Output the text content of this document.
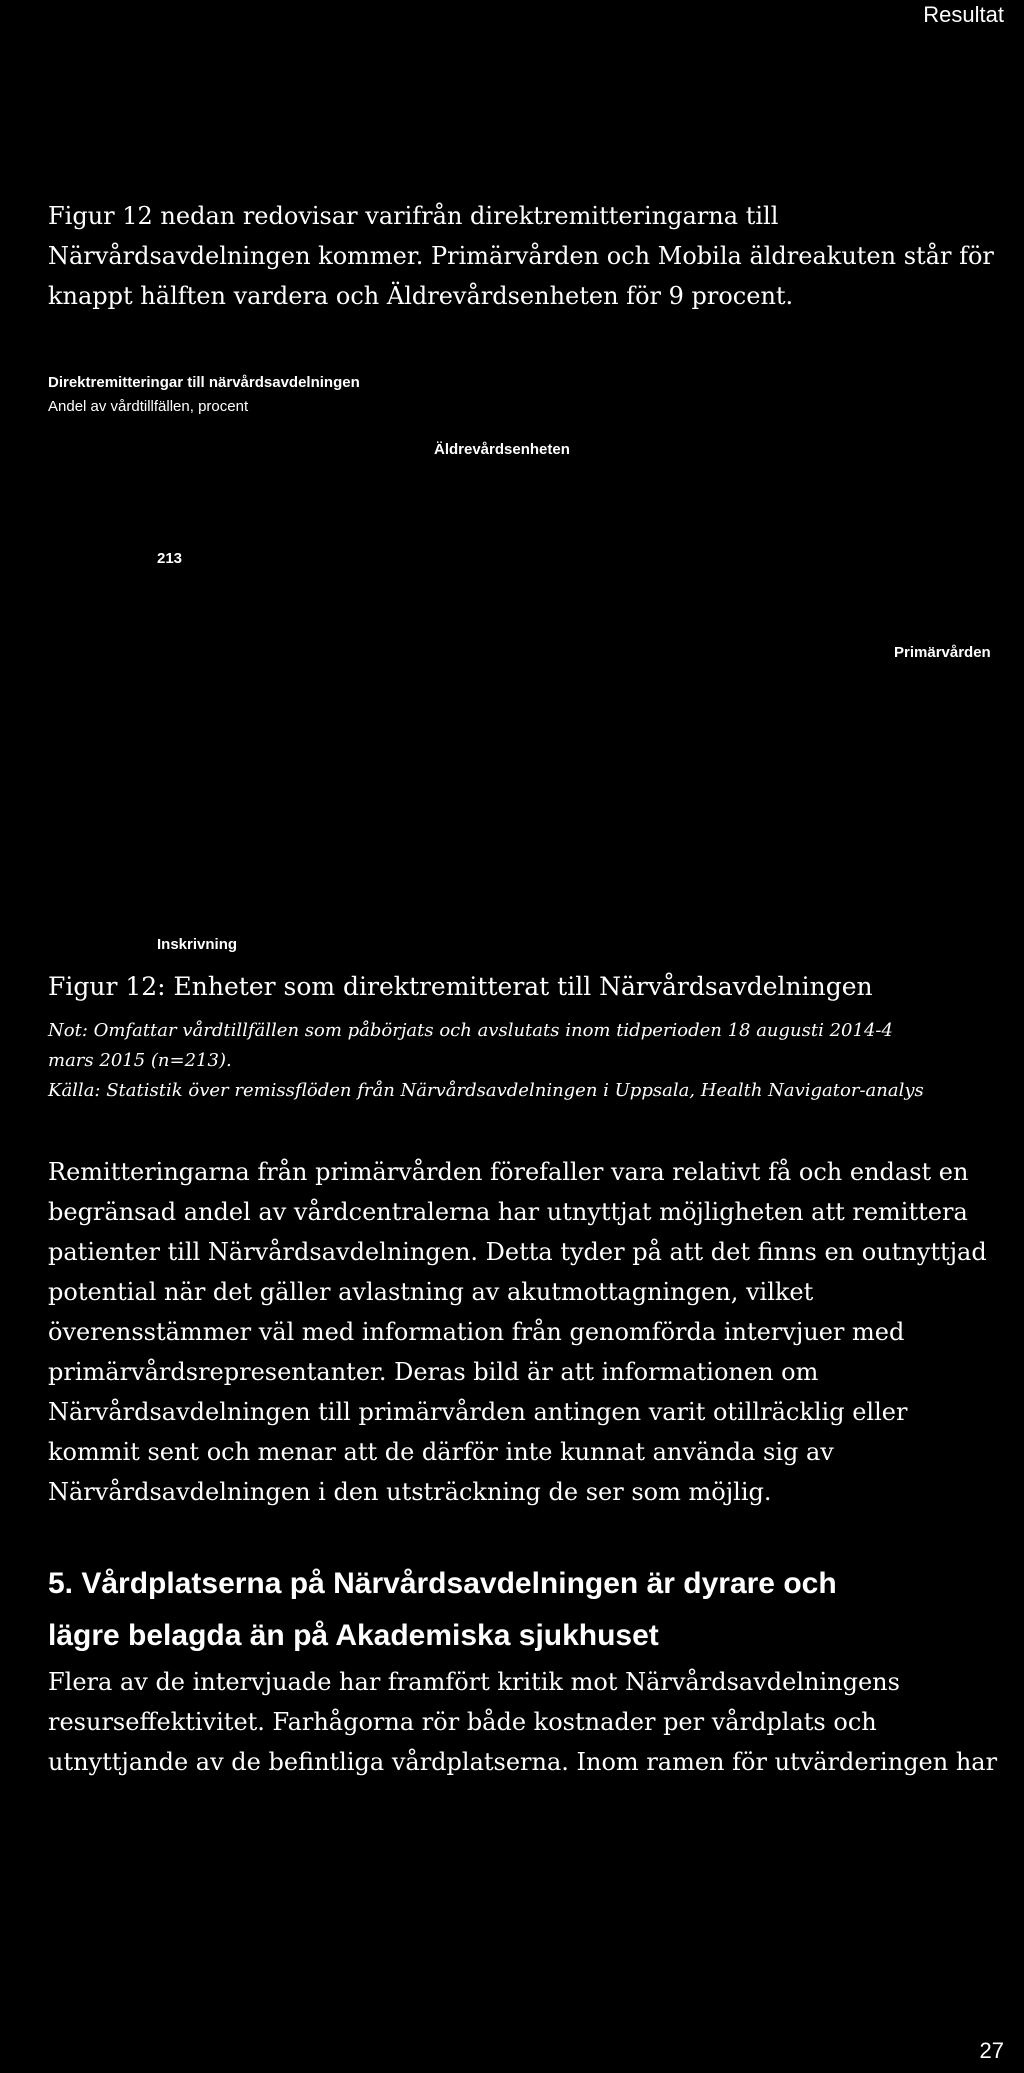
Resultat

Figur 12 nedan redovisar varifrån direktremitteringarna till

Närvårdsavdelningen kommer. Primärvården och Mobila äldreakuten står för

knappt hälften vardera och Äldrevårdsenheten för 9 procent.

Direktremitteringar till närvårdsavdelningen
Andel av vårdtillfällen, procent
Äldrevårdsenheten
213
Primärvården
Inskrivning
Figur 12: Enheter som direktremitterat till Närvårdsavdelningen

Not: Omfattar vårdtillfällen som påbörjats och avslutats inom tidperioden 18 augusti 2014-4

mars 2015 (n=213).

Källa: Statistik över remissflöden från Närvårdsavdelningen i Uppsala, Health Navigator-analys

Remitteringarna från primärvården förefaller vara relativt få och endast en

begränsad andel av vårdcentralerna har utnyttjat möjligheten att remittera

patienter till Närvårdsavdelningen. Detta tyder på att det finns en outnyttjad

potential när det gäller avlastning av akutmottagningen, vilket

överensstämmer väl med information från genomförda intervjuer med

primärvårdsrepresentanter. Deras bild är att informationen om

Närvårdsavdelningen till primärvården antingen varit otillräcklig eller

kommit sent och menar att de därför inte kunnat använda sig av

Närvårdsavdelningen i den utsträckning de ser som möjlig.

5. Vårdplatserna på Närvårdsavdelningen är dyrare och

lägre belagda än på Akademiska sjukhuset

Flera av de intervjuade har framfört kritik mot Närvårdsavdelningens

resurseffektivitet. Farhågorna rör både kostnader per vårdplats och

utnyttjande av de befintliga vårdplatserna. Inom ramen för utvärderingen har

27
